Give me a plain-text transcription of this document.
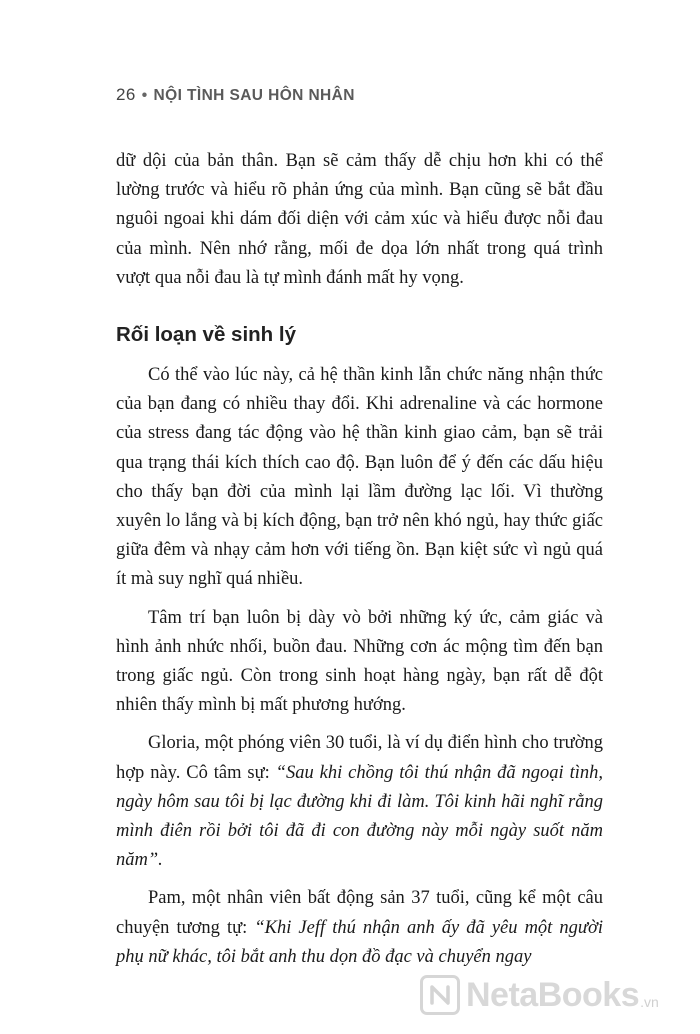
26 • NỘI TÌNH SAU HÔN NHÂN

dữ dội của bản thân. Bạn sẽ cảm thấy dễ chịu hơn khi có thể lường trước và hiểu rõ phản ứng của mình. Bạn cũng sẽ bắt đầu nguôi ngoai khi dám đối diện với cảm xúc và hiểu được nỗi đau của mình. Nên nhớ rằng, mối đe dọa lớn nhất trong quá trình vượt qua nỗi đau là tự mình đánh mất hy vọng.

Rối loạn về sinh lý

Có thể vào lúc này, cả hệ thần kinh lẫn chức năng nhận thức của bạn đang có nhiều thay đổi. Khi adrenaline và các hormone của stress đang tác động vào hệ thần kinh giao cảm, bạn sẽ trải qua trạng thái kích thích cao độ. Bạn luôn để ý đến các dấu hiệu cho thấy bạn đời của mình lại lầm đường lạc lối. Vì thường xuyên lo lắng và bị kích động, bạn trở nên khó ngủ, hay thức giấc giữa đêm và nhạy cảm hơn với tiếng ồn. Bạn kiệt sức vì ngủ quá ít mà suy nghĩ quá nhiều.

Tâm trí bạn luôn bị dày vò bởi những ký ức, cảm giác và hình ảnh nhức nhối, buồn đau. Những cơn ác mộng tìm đến bạn trong giấc ngủ. Còn trong sinh hoạt hàng ngày, bạn rất dễ đột nhiên thấy mình bị mất phương hướng.

Gloria, một phóng viên 30 tuổi, là ví dụ điển hình cho trường hợp này. Cô tâm sự: “Sau khi chồng tôi thú nhận đã ngoại tình, ngày hôm sau tôi bị lạc đường khi đi làm. Tôi kinh hãi nghĩ rằng mình điên rồi bởi tôi đã đi con đường này mỗi ngày suốt năm năm”.

Pam, một nhân viên bất động sản 37 tuổi, cũng kể một câu chuyện tương tự: “Khi Jeff thú nhận anh ấy đã yêu một người phụ nữ khác, tôi bắt anh thu dọn đồ đạc và chuyển ngay

NetaBooks .vn
